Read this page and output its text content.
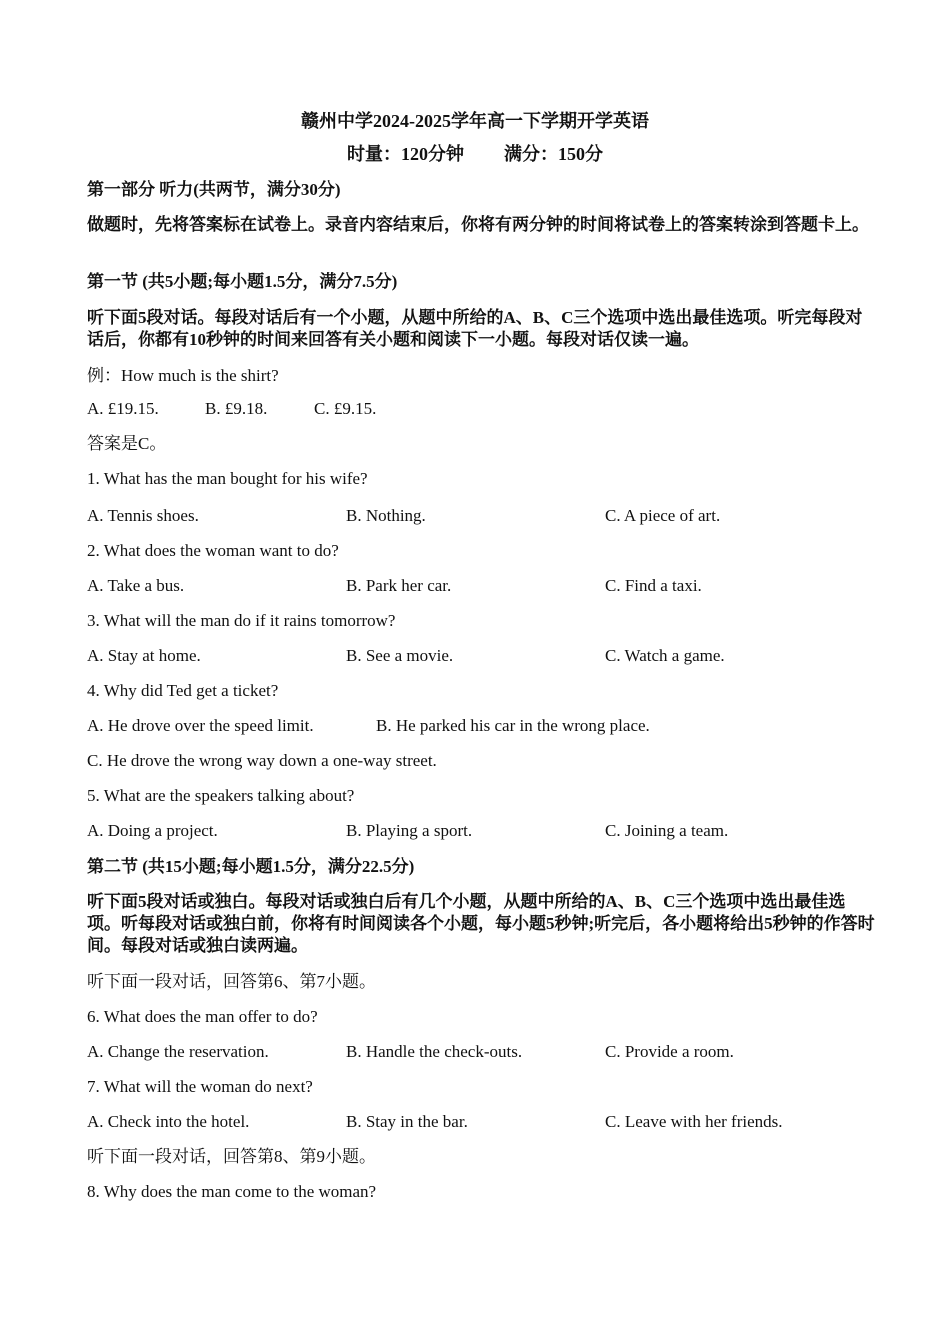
赣州中学2024-2025学年高一下学期开学英语
时量：120分钟 满分：150分
第一部分 听力(共两节，满分30分)
做题时，先将答案标在试卷上。录音内容结束后，你将有两分钟的时间将试卷上的答案转涂到答题卡上。
第一节 (共5小题;每小题1.5分，满分7.5分)
听下面5段对话。每段对话后有一个小题，从题中所给的A、B、C三个选项中选出最佳选项。听完每段对话后，你都有10秒钟的时间来回答有关小题和阅读下一小题。每段对话仅读一遍。
例：How much is the shirt?
A. £19.15.	B. £9.18.	C. £9.15.
答案是C。
1. What has the man bought for his wife?
A. Tennis shoes.	B. Nothing.	C. A piece of art.
2. What does the woman want to do?
A. Take a bus.	B. Park her car.	C. Find a taxi.
3. What will the man do if it rains tomorrow?
A. Stay at home.	B. See a movie.	C. Watch a game.
4. Why did Ted get a ticket?
A. He drove over the speed limit.	B. He parked his car in the wrong place.
C. He drove the wrong way down a one-way street.
5. What are the speakers talking about?
A. Doing a project.	B. Playing a sport.	C. Joining a team.
第二节 (共15小题;每小题1.5分，满分22.5分)
听下面5段对话或独白。每段对话或独白后有几个小题，从题中所给的A、B、C三个选项中选出最佳选项。听每段对话或独白前，你将有时间阅读各个小题，每小题5秒钟;听完后，各小题将给出5秒钟的作答时间。每段对话或独白读两遍。
听下面一段对话，回答第6、第7小题。
6. What does the man offer to do?
A. Change the reservation.	B. Handle the check-outs.	C. Provide a room.
7. What will the woman do next?
A. Check into the hotel.	B. Stay in the bar.	C. Leave with her friends.
听下面一段对话，回答第8、第9小题。
8. Why does the man come to the woman?
